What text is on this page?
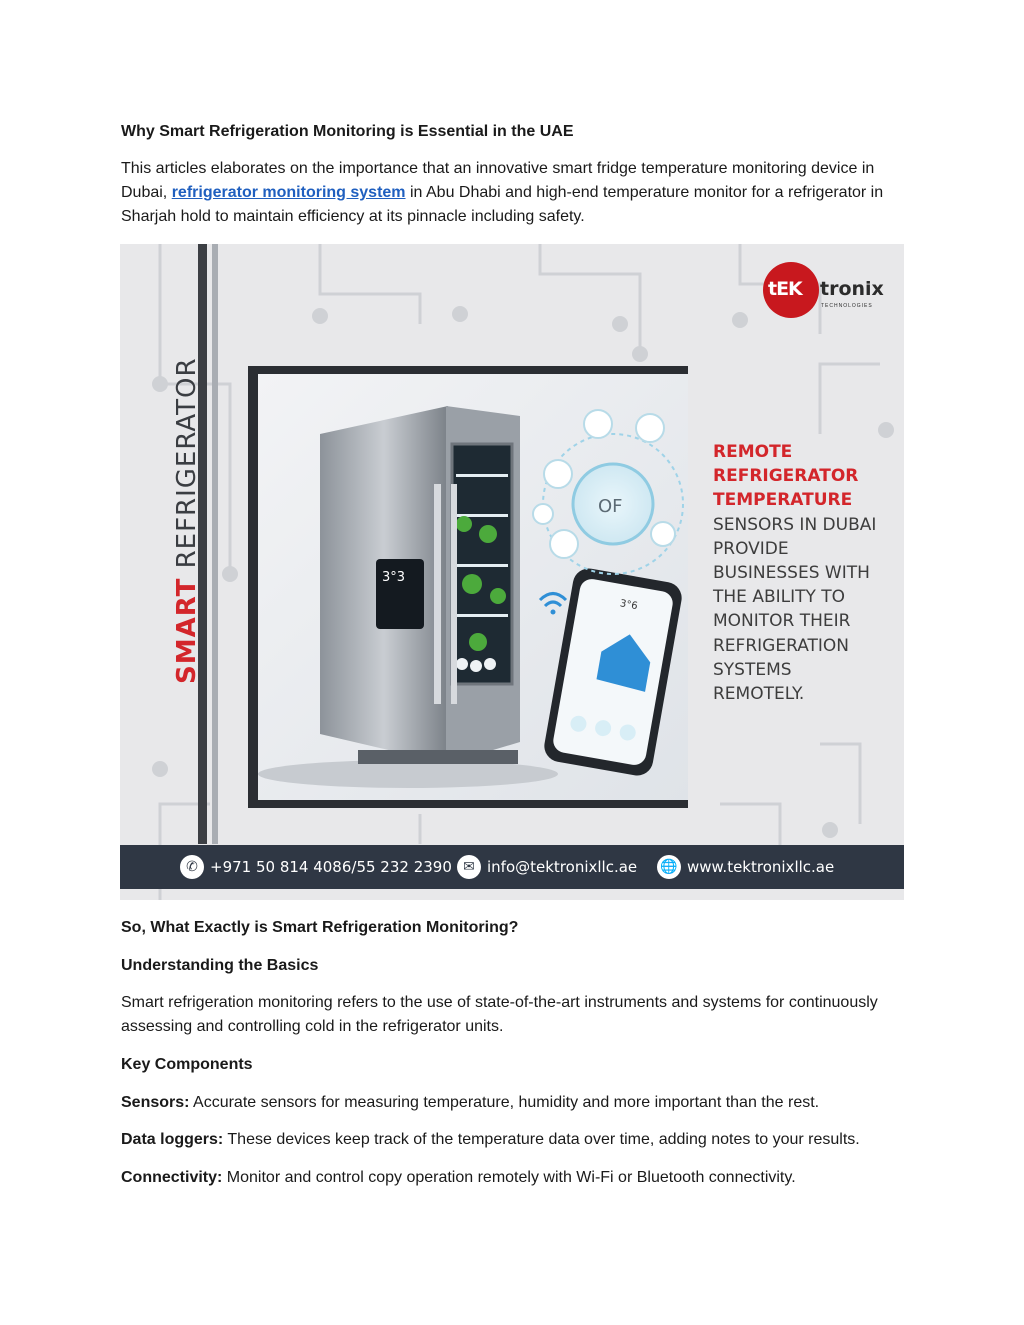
Why Smart Refrigeration Monitoring is Essential in the UAE

This articles elaborates on the importance that an innovative smart fridge temperature monitoring device in Dubai, refrigerator monitoring system in Abu Dhabi and high-end temperature monitor for a refrigerator in Sharjah hold to maintain efficiency at its pinnacle including safety.

SMART REFRIGERATOR
tEK tronix
TECHNOLOGIES
3°3
3°6
OF
REMOTE
REFRIGERATOR
TEMPERATURE
SENSORS IN DUBAI
PROVIDE
BUSINESSES WITH
THE ABILITY TO
MONITOR THEIR
REFRIGERATION
SYSTEMS
REMOTELY.
✆ +971 50 814 4086/55 232 2390 ✉ info@tektronixllc.ae 🌐 www.tektronixllc.ae

So, What Exactly is Smart Refrigeration Monitoring?

Understanding the Basics

Smart refrigeration monitoring refers to the use of state-of-the-art instruments and systems for continuously assessing and controlling cold in the refrigerator units.

Key Components

Sensors: Accurate sensors for measuring temperature, humidity and more important than the rest.

Data loggers: These devices keep track of the temperature data over time, adding notes to your results.

Connectivity: Monitor and control copy operation remotely with Wi-Fi or Bluetooth connectivity.
